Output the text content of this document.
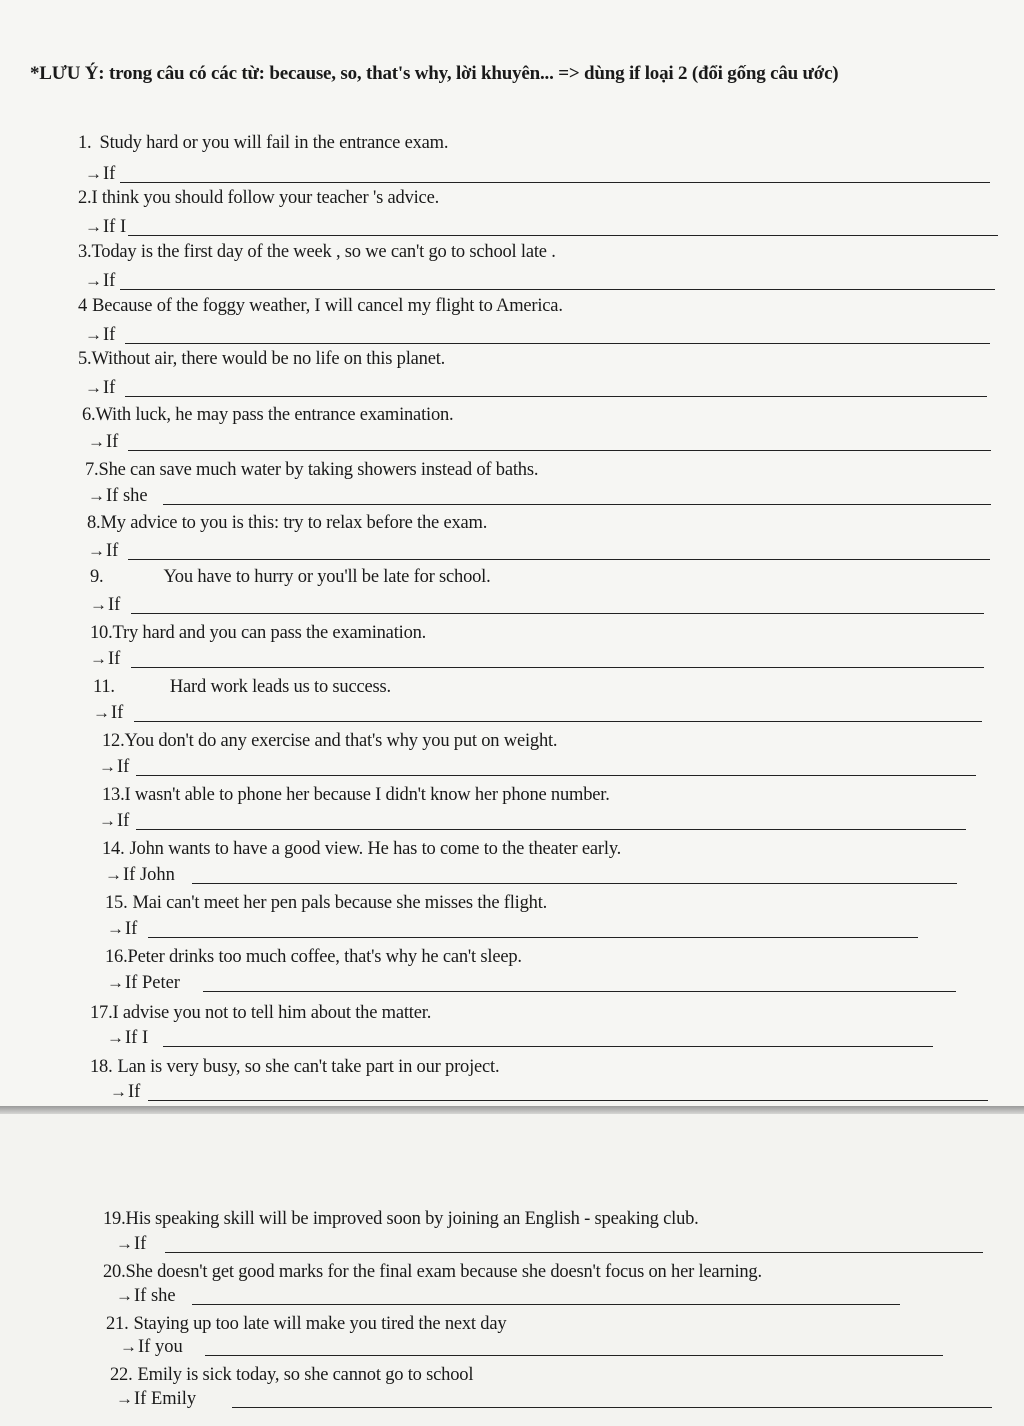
*LƯU Ý: trong câu có các từ: because, so, that's why, lời khuyên... => dùng if loại 2 (đổi gống câu ước)
1. Study hard or you will fail in the entrance exam.
→If
2.I think you should follow your teacher 's advice.
→If I
3.Today is the first day of the week , so we can't go to school late .
→If
4 Because of the foggy weather, I will cancel my flight to America.
→If
5.Without air, there would be no life on this planet.
→If
6.With luck, he may pass the entrance examination.
→If
7.She can save much water by taking showers instead of baths.
→If she
8.My advice to you is this: try to relax before the exam.
→If
9.	You have to hurry or you'll be late for school.
→If
10.Try hard and you can pass the examination.
→If
11.	Hard work leads us to success.
→If
12.You don't do any exercise and that's why you put on weight.
→If
13.I wasn't able to phone her because I didn't know her phone number.
→If
14. John wants to have a good view. He has to come to the theater early.
→If John
15. Mai can't meet her pen pals because she misses the flight.
→If
16.Peter drinks too much coffee, that's why he can't sleep.
→If Peter
17.I advise you not to tell him about the matter.
→If I
18. Lan is very busy, so she can't take part in our project.
→If
19.His speaking skill will be improved soon by joining an English - speaking club.
→If
20.She doesn't get good marks for the final exam because she doesn't focus on her learning.
→If she
21. Staying up too late will make you tired the next day
→If you
22. Emily is sick today, so she cannot go to school
→If Emily
